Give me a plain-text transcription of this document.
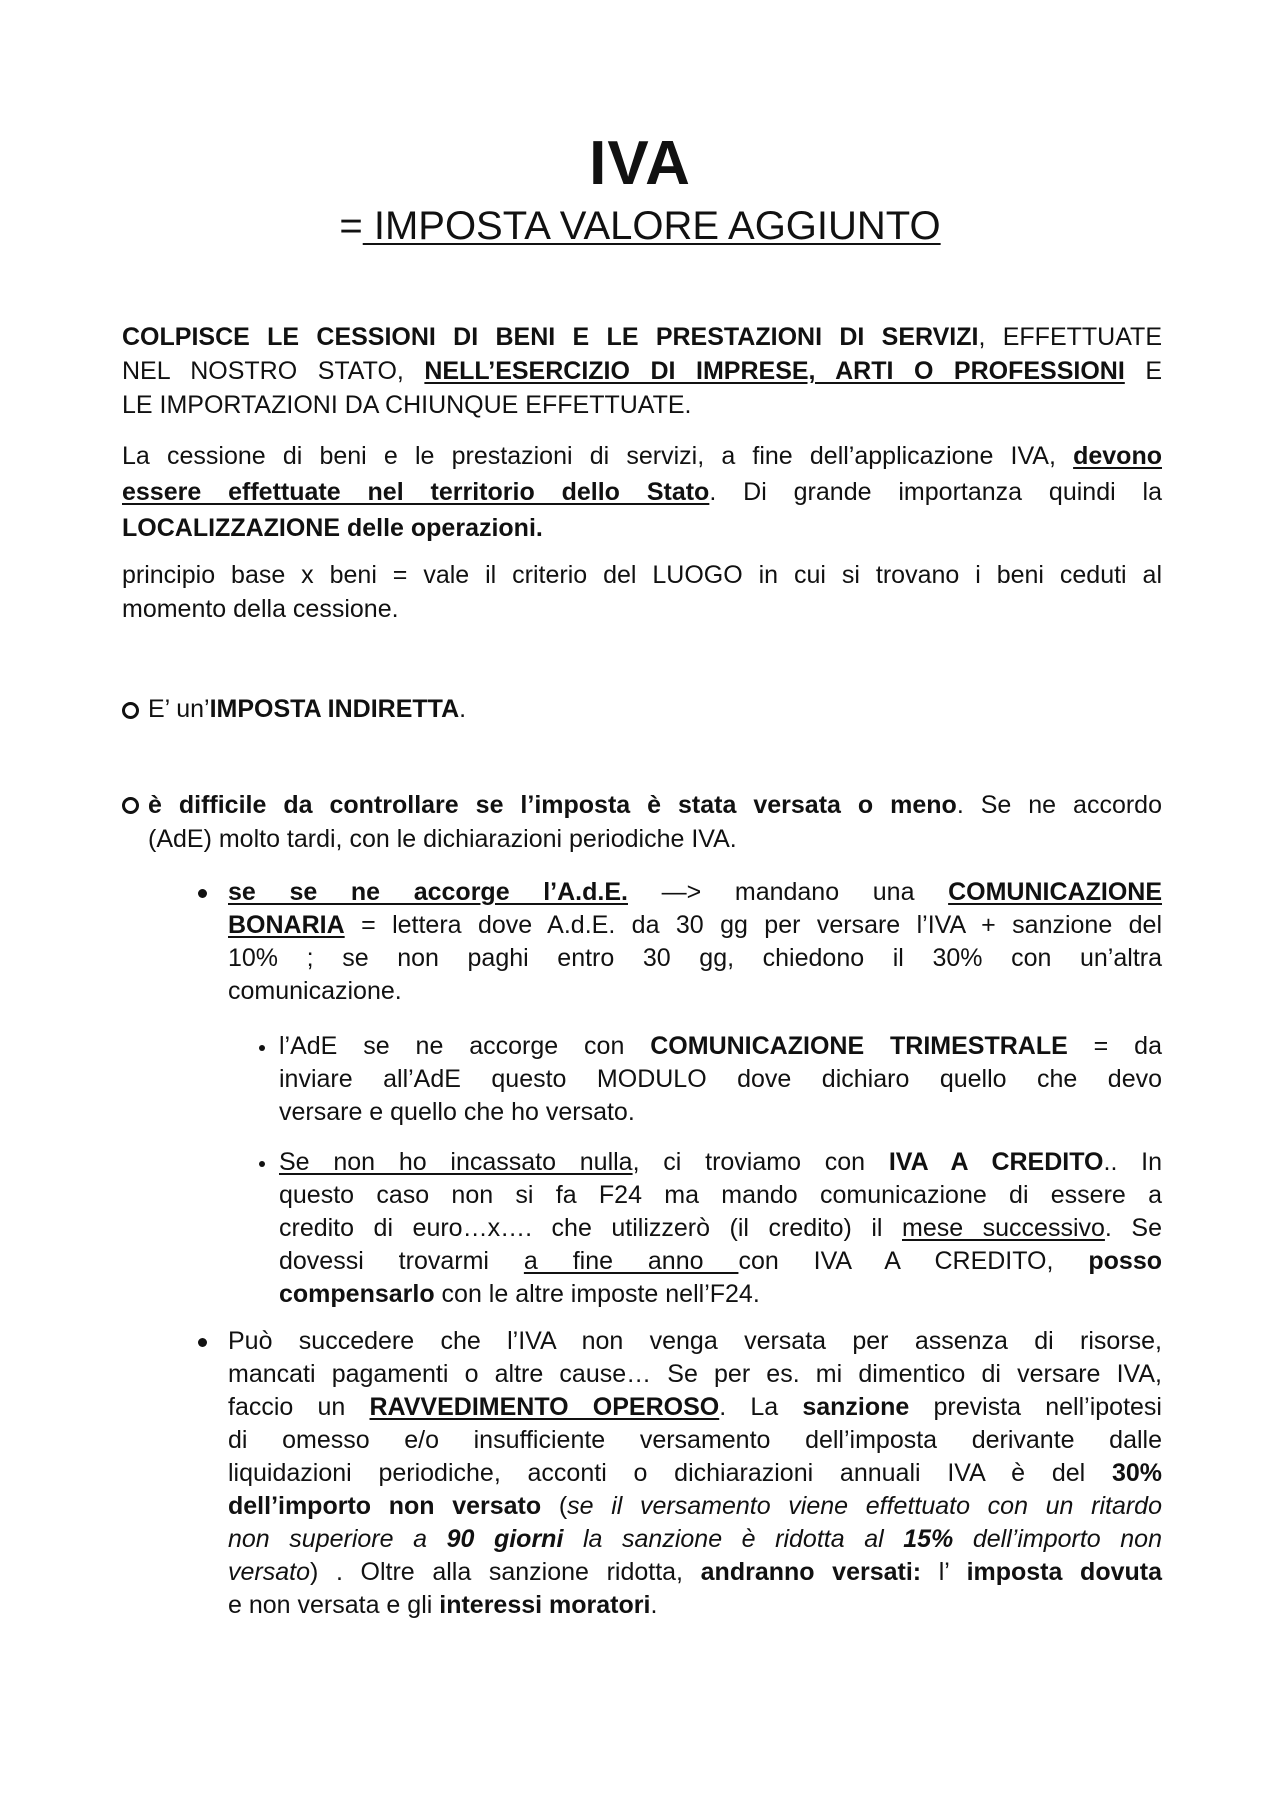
IVA
= IMPOSTA VALORE AGGIUNTO
COLPISCE LE CESSIONI DI BENI E LE PRESTAZIONI DI SERVIZI, EFFETTUATE
NEL NOSTRO STATO, NELL’ESERCIZIO DI IMPRESE, ARTI O PROFESSIONI E
LE IMPORTAZIONI DA CHIUNQUE EFFETTUATE.
La cessione di beni e le prestazioni di servizi, a fine dell’applicazione IVA, devono
essere effettuate nel territorio dello Stato. Di grande importanza quindi la
LOCALIZZAZIONE delle operazioni.
principio base x beni = vale il criterio del LUOGO in cui si trovano i beni ceduti al
momento della cessione.
E’ un’IMPOSTA INDIRETTA.
è difficile da controllare se l’imposta è stata versata o meno. Se ne accordo
(AdE) molto tardi, con le dichiarazioni periodiche IVA.
se se ne accorge l’A.d.E. —> mandano una COMUNICAZIONE
BONARIA = lettera dove A.d.E. da 30 gg per versare l’IVA + sanzione del
10% ; se non paghi entro 30 gg, chiedono il 30% con un’altra
comunicazione.
l’AdE se ne accorge con COMUNICAZIONE TRIMESTRALE = da
inviare all’AdE questo MODULO dove dichiaro quello che devo
versare e quello che ho versato.
Se non ho incassato nulla, ci troviamo con IVA A CREDITO.. In
questo caso non si fa F24 ma mando comunicazione di essere a
credito di euro…x…. che utilizzerò (il credito) il mese successivo. Se
dovessi trovarmi a fine anno con IVA A CREDITO, posso
compensarlo con le altre imposte nell’F24.
Può succedere che l’IVA non venga versata per assenza di risorse,
mancati pagamenti o altre cause… Se per es. mi dimentico di versare IVA,
faccio un RAVVEDIMENTO OPEROSO. La sanzione prevista nell’ipotesi
di omesso e/o insufficiente versamento dell’imposta derivante dalle
liquidazioni periodiche, acconti o dichiarazioni annuali IVA è del 30%
dell’importo non versato (se il versamento viene effettuato con un ritardo
non superiore a 90 giorni la sanzione è ridotta al 15% dell’importo non
versato) . Oltre alla sanzione ridotta, andranno versati: l’ imposta dovuta
e non versata e gli interessi moratori.
